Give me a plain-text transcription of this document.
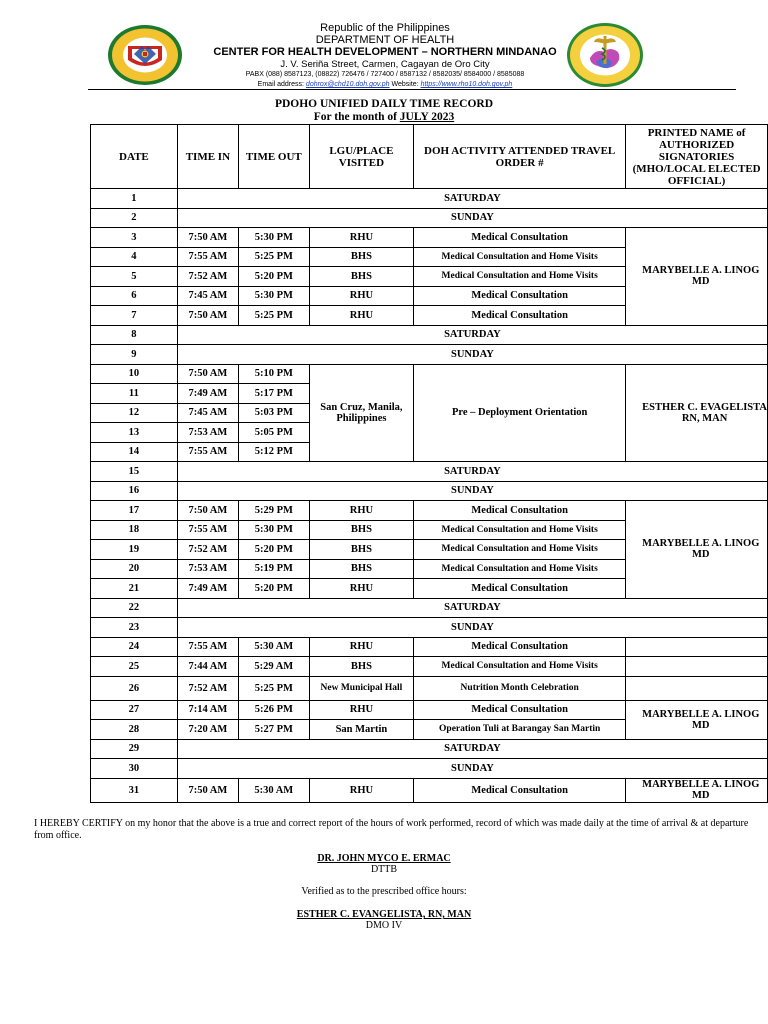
Republic of the Philippines
DEPARTMENT OF HEALTH
CENTER FOR HEALTH DEVELOPMENT – NORTHERN MINDANAO
J. V. Seriña Street, Carmen, Cagayan de Oro City
PABX (088) 8587123, (08822) 726476 / 727400 / 8587132 / 8582035/ 8584000 / 8585088
Email address: dohrox@chd10.doh.gov.ph Website: https://www.rho10.doh.gov.ph
PDOHO UNIFIED DAILY TIME RECORD
For the month of JULY 2023
DATE	TIME IN	TIME OUT	LGU/PLACE VISITED	DOH ACTIVITY ATTENDED TRAVEL ORDER #	PRINTED NAME of AUTHORIZED SIGNATORIES (MHO/LOCAL ELECTED OFFICIAL)
1	SATURDAY				
2	SUNDAY				
3	7:50 AM	5:30 PM	RHU	Medical Consultation	MARYBELLE A. LINOG
MD
4	7:55 AM	5:25 PM	BHS	Medical Consultation and Home Visits	
5	7:52 AM	5:20 PM	BHS	Medical Consultation and Home Visits	
6	7:45 AM	5:30 PM	RHU	Medical Consultation	
7	7:50 AM	5:25 PM	RHU	Medical Consultation	
8	SATURDAY				
9	SUNDAY				
10	7:50 AM	5:10 PM	San Cruz, Manila, Philippines	Pre – Deployment Orientation	ESTHER C. EVAGELISTA
RN, MAN
11	7:49 AM	5:17 PM			
12	7:45 AM	5:03 PM			
13	7:53 AM	5:05 PM			
14	7:55 AM	5:12 PM			
15	SATURDAY				
16	SUNDAY				
17	7:50 AM	5:29 PM	RHU	Medical Consultation	MARYBELLE A. LINOG
MD
18	7:55 AM	5:30 PM	BHS	Medical Consultation and Home Visits	
19	7:52 AM	5:20 PM	BHS	Medical Consultation and Home Visits	
20	7:53 AM	5:19 PM	BHS	Medical Consultation and Home Visits	
21	7:49 AM	5:20 PM	RHU	Medical Consultation	
22	SATURDAY				
23	SUNDAY				
24	7:55 AM	5:30 AM	RHU	Medical Consultation	
25	7:44 AM	5:29 AM	BHS	Medical Consultation and Home Visits	
26	7:52 AM	5:25 PM	New Municipal Hall	Nutrition Month Celebration	
27	7:14 AM	5:26 PM	RHU	Medical Consultation	MARYBELLE A. LINOG
MD
28	7:20 AM	5:27 PM	San Martin	Operation Tuli at Barangay San Martin	
29	SATURDAY				
30	SUNDAY				
31	7:50 AM	5:30 AM	RHU	Medical Consultation	MARYBELLE A. LINOG
MD
I HEREBY CERTIFY on my honor that the above is a true and correct report of the hours of work performed, record of which was made daily at the time of arrival & at departure from office.
DR. JOHN MYCO E. ERMAC
DTTB
Verified as to the prescribed office hours:
ESTHER C. EVANGELISTA, RN, MAN
DMO IV
